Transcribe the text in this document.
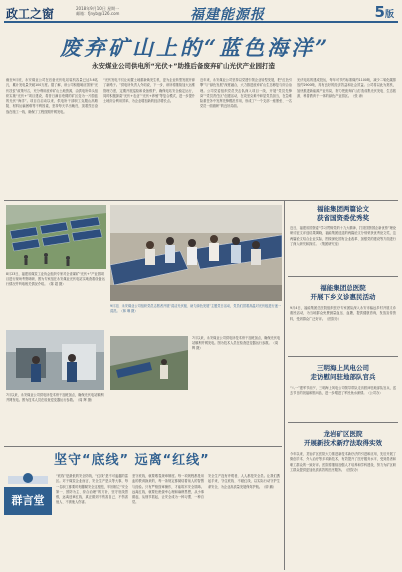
政工之窗	2018年9月10日 星期一
邮箱：fjnyb@126.com	福建能源报	5版
废弃矿山上的“蓝色海洋”
永安煤业公司供电所“光伏+”助推后备废弃矿山光伏产业园打造
截至9月底，永安煤业公司在后备光伏电站装机容量已达3.6兆瓦，累计发电量突破100万度。据了解，该公司积极响应国家“光伏扶贫”政策号召，充分利用废弃矿山土地资源，由供电所牵头组织实施“光伏+”项目建设，将昔日满目疮痍的矿区变为一片蔚蓝的光伏“海洋”。项目自启动以来，供电所干部职工克服山高路陡、材料运输困难等不利因素，坚持每天早出晚归，顶着烈日奋战在施工一线，确保了工程按期并网发电。
“光伏发电不仅让闲置土地重新焕发生机，更为企业转型发展开辟了新路子。”供电所负责人介绍说，下一步，该所将继续加大运维管理力度，定期开展巡检和设备维护，确保电站安全稳定运行，同时积极探索“光伏+农业”“光伏+养殖”等复合模式，进一步提升土地综合利用效率，为企业增加新的经济增长点。
近年来，永安煤业公司坚持以党建引领企业转型发展，把“红色引擎”与“绿色发展”深度融合，大力推进废弃矿山生态修复与综合治理。公司党委组织党员突击队深入项目一线，开展“党员先锋岗”“党员责任区”创建活动，在攻坚克难中彰显党员担当，在急难险重任务中发挥先锋模范作用，形成了“一个支部一座堡垒、一名党员一面旗帜”的良好局面。
光伏电站的建成投运，每年可节约标准煤约1100吨，减少二氧化碳排放约2900吨，具有良好的经济效益和社会效益。公司将以此为契机，加快推进新能源产业布局，努力把废弃矿山打造成集光伏发电、生态旅游、科普教育于一体的绿色产业园区。（张 涛）
8月23日，福建省煤炭工业协会组织专家对全省煤矿“光伏+”产业园项目进行现场考察调研，图为专家组在永安煤业光伏电站实地查看设备运行情况并听取相关情况介绍。（陈 超 摄）
9月初，永安煤业公司组织党员志愿者开展“清洁光伏板、助力绿色发展”主题党日活动，党员们冒着高温对光伏板进行逐一清洗。（林 琳 摄）
7月以来，永安煤业公司供电所技术骨干加班加点，确保光伏电站顺利并网发电。图为技术人员在检查逆变器运行参数。（周 辉 摄）
7月以来，永安煤业公司供电所技术骨干加班加点，确保光伏电站顺利并网发电。图为技术人员在检查逆变器运行参数。（周 辉 摄）
坚守“底线” 远离“红线”
群言堂
“底线”是最低的安全防线，“红线”是不可逾越的雷区。对于煤炭企业而言，安全生产是头等大事，每一名职工都要时刻绷紧安全这根弦，牢固树立“安全第一、预防为主、综合治理”的方针，坚守底线思维，远离违章红线，真正做到不伤害自己、不伤害他人、不被他人伤害。
坚守底线，就要敬畏规章制度。每一项规程都是用血的教训换来的，每一条规定都凝结着前人的智慧与经验。只有严格按章操作，才能筑牢安全屏障。远离红线，就要杜绝侥幸心理和麻痹思想，从小事做起，从细节抓起，让安全成为一种习惯、一种自觉。
安全生产没有旁观者，人人都是安全员。让我们携起手来，守住底线、不碰红线，以实际行动守护生命安全，为企业高质量发展保驾护航。（廖 鹏）
福能集团两篇论文
获省国资委优秀奖
近日，福建省国资委“学习贯彻党的十九大精神，打造国资国企新优势”理论研讨征文评选结果揭晓，福能集团选送的两篇论文分别荣获优秀论文奖，这两篇论文结合企业实际，围绕深化国有企业改革、加强党的建设等方面进行了深入研究和探讨。（集团研究室）
福能集团总医院
开展下乡义诊惠民活动
9月4日，福能集团总医院组织医疗专家团队深入永安市偏远乡村开展义诊惠民活动，为当地群众免费测量血压、血糖，提供健康咨询，发放宣传资料，受到群众广泛好评。（医院办）
三明海上风电公司
走访慰问驻地部队官兵
“八一”建军节前夕，三明海上风电公司领导带队走访慰问驻地部队官兵，送去节日的祝福和慰问品，进一步增进了军民鱼水深情。（公司办）
龙岩矿区医院
开展新技术新疗法取得实效
今年以来，龙岩矿区医院大力推进新技术新疗法的引进和应用，先后开展了微创手术、介入治疗等多项新技术，有效提升了医疗服务水平，受到患者和职工群众的一致好评。医院将继续加强人才培养和学科建设，努力为矿区职工群众提供更加优质高效的医疗服务。（医院办）
